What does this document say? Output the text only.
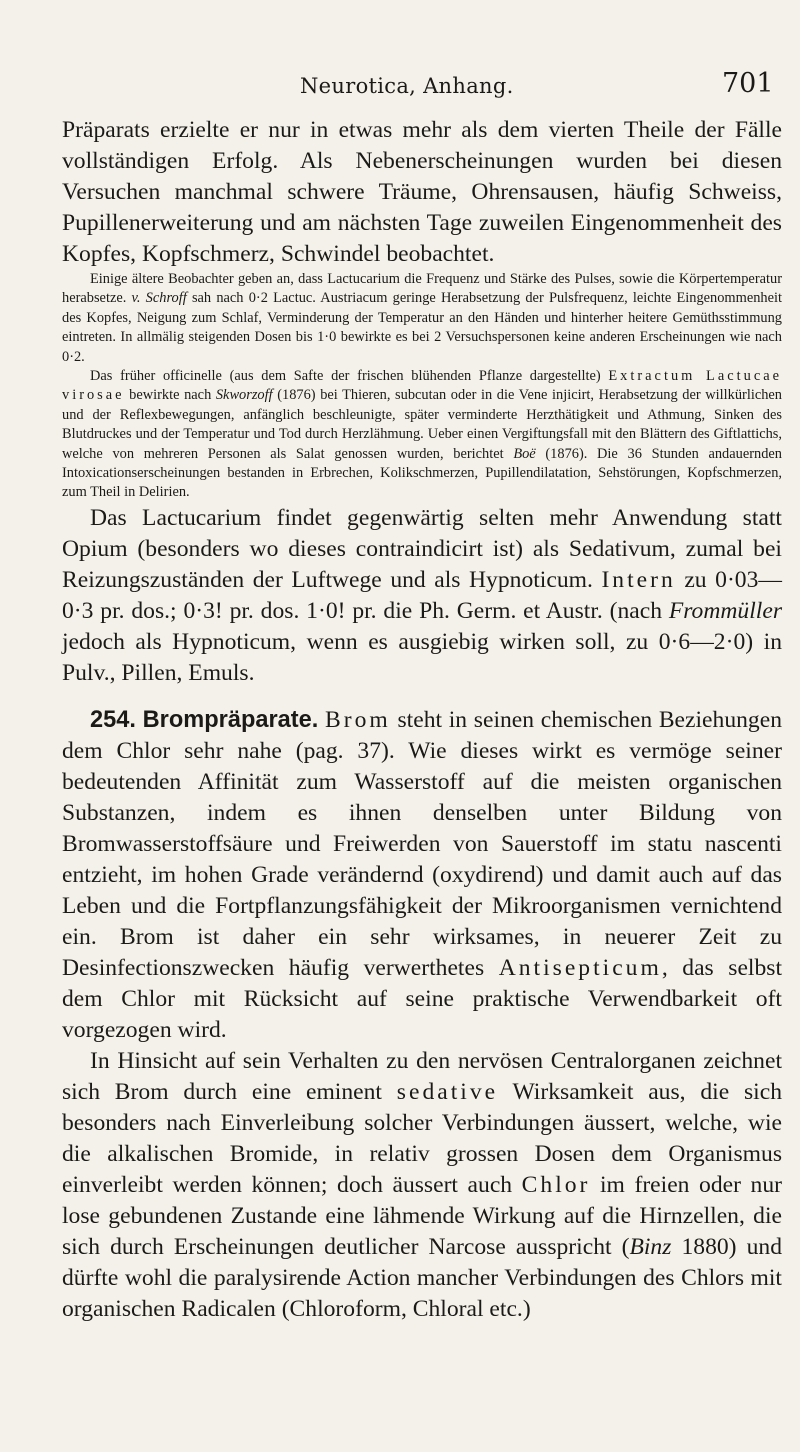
Neurotica, Anhang.	701

Präparats erzielte er nur in etwas mehr als dem vierten Theile der Fälle vollständigen Erfolg. Als Nebenerscheinungen wurden bei diesen Versuchen manchmal schwere Träume, Ohrensausen, häufig Schweiss, Pupillenerweiterung und am nächsten Tage zuweilen Eingenommenheit des Kopfes, Kopfschmerz, Schwindel beobachtet.

Einige ältere Beobachter geben an, dass Lactucarium die Frequenz und Stärke des Pulses, sowie die Körpertemperatur herabsetze. v. Schroff sah nach 0·2 Lactuc. Austriacum geringe Herabsetzung der Pulsfrequenz, leichte Eingenommenheit des Kopfes, Neigung zum Schlaf, Verminderung der Temperatur an den Händen und hinterher heitere Gemüthsstimmung eintreten. In allmälig steigenden Dosen bis 1·0 bewirkte es bei 2 Versuchspersonen keine anderen Erscheinungen wie nach 0·2.

Das früher officinelle (aus dem Safte der frischen blühenden Pflanze dargestellte) Extractum Lactucae virosae bewirkte nach Skworzoff (1876) bei Thieren, subcutan oder in die Vene injicirt, Herabsetzung der willkürlichen und der Reflexbewegungen, anfänglich beschleunigte, später verminderte Herzthätigkeit und Athmung, Sinken des Blutdruckes und der Temperatur und Tod durch Herzlähmung. Ueber einen Vergiftungsfall mit den Blättern des Giftlattichs, welche von mehreren Personen als Salat genossen wurden, berichtet Boë (1876). Die 36 Stunden andauernden Intoxicationserscheinungen bestanden in Erbrechen, Kolikschmerzen, Pupillendilatation, Sehstörungen, Kopfschmerzen, zum Theil in Delirien.

Das Lactucarium findet gegenwärtig selten mehr Anwendung statt Opium (besonders wo dieses contraindicirt ist) als Sedativum, zumal bei Reizungszuständen der Luftwege und als Hypnoticum. Intern zu 0·03—0·3 pr. dos.; 0·3! pr. dos. 1·0! pr. die Ph. Germ. et Austr. (nach Frommüller jedoch als Hypnoticum, wenn es ausgiebig wirken soll, zu 0·6—2·0) in Pulv., Pillen, Emuls.

254. Brompräparate. Brom steht in seinen chemischen Beziehungen dem Chlor sehr nahe (pag. 37). Wie dieses wirkt es vermöge seiner bedeutenden Affinität zum Wasserstoff auf die meisten organischen Substanzen, indem es ihnen denselben unter Bildung von Bromwasserstoffsäure und Freiwerden von Sauerstoff im statu nascenti entzieht, im hohen Grade verändernd (oxydirend) und damit auch auf das Leben und die Fortpflanzungsfähigkeit der Mikroorganismen vernichtend ein. Brom ist daher ein sehr wirksames, in neuerer Zeit zu Desinfectionszwecken häufig verwerthetes Antisepticum, das selbst dem Chlor mit Rücksicht auf seine praktische Verwendbarkeit oft vorgezogen wird.

In Hinsicht auf sein Verhalten zu den nervösen Centralorganen zeichnet sich Brom durch eine eminent sedative Wirksamkeit aus, die sich besonders nach Einverleibung solcher Verbindungen äussert, welche, wie die alkalischen Bromide, in relativ grossen Dosen dem Organismus einverleibt werden können; doch äussert auch Chlor im freien oder nur lose gebundenen Zustande eine lähmende Wirkung auf die Hirnzellen, die sich durch Erscheinungen deutlicher Narcose ausspricht (Binz 1880) und dürfte wohl die paralysirende Action mancher Verbindungen des Chlors mit organischen Radicalen (Chloroform, Chloral etc.)
